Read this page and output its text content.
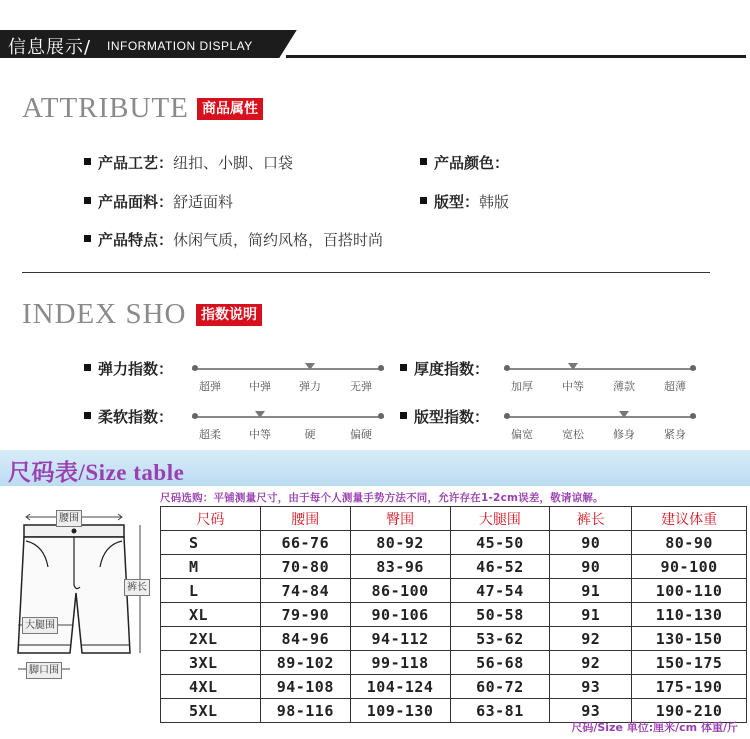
信息展示/ INFORMATION DISPLAY
ATTRIBUTE 商品属性
产品工艺：纽扣、小脚、口袋	产品颜色：
产品面料：舒适面料	版型：韩版
产品特点：休闲气质，简约风格，百搭时尚
INDEX SHO	指数说明
弹力指数：
超弹	中弹	弹力	无弹
厚度指数：
加厚	中等	薄款	超薄
柔软指数：
超柔	中等	硬	偏硬
版型指数：
偏宽	宽松	修身	紧身
尺码表/Size table
尺码选购：平铺测量尺寸，由于每个人测量手势方法不同，允许存在1-2cm误差，敬请谅解。
腰围
裤长
大腿围
脚口围
尺码	腰围	臀围	大腿围	裤长	建议体重
S	66-76	80-92	45-50	90	80-90
M	70-80	83-96	46-52	90	90-100
L	74-84	86-100	47-54	91	100-110
XL	79-90	90-106	50-58	91	110-130
2XL	84-96	94-112	53-62	92	130-150
3XL	89-102	99-118	56-68	92	150-175
4XL	94-108	104-124	60-72	93	175-190
5XL	98-116	109-130	63-81	93	190-210
尺码/Size 单位:厘米/cm 体重/斤
